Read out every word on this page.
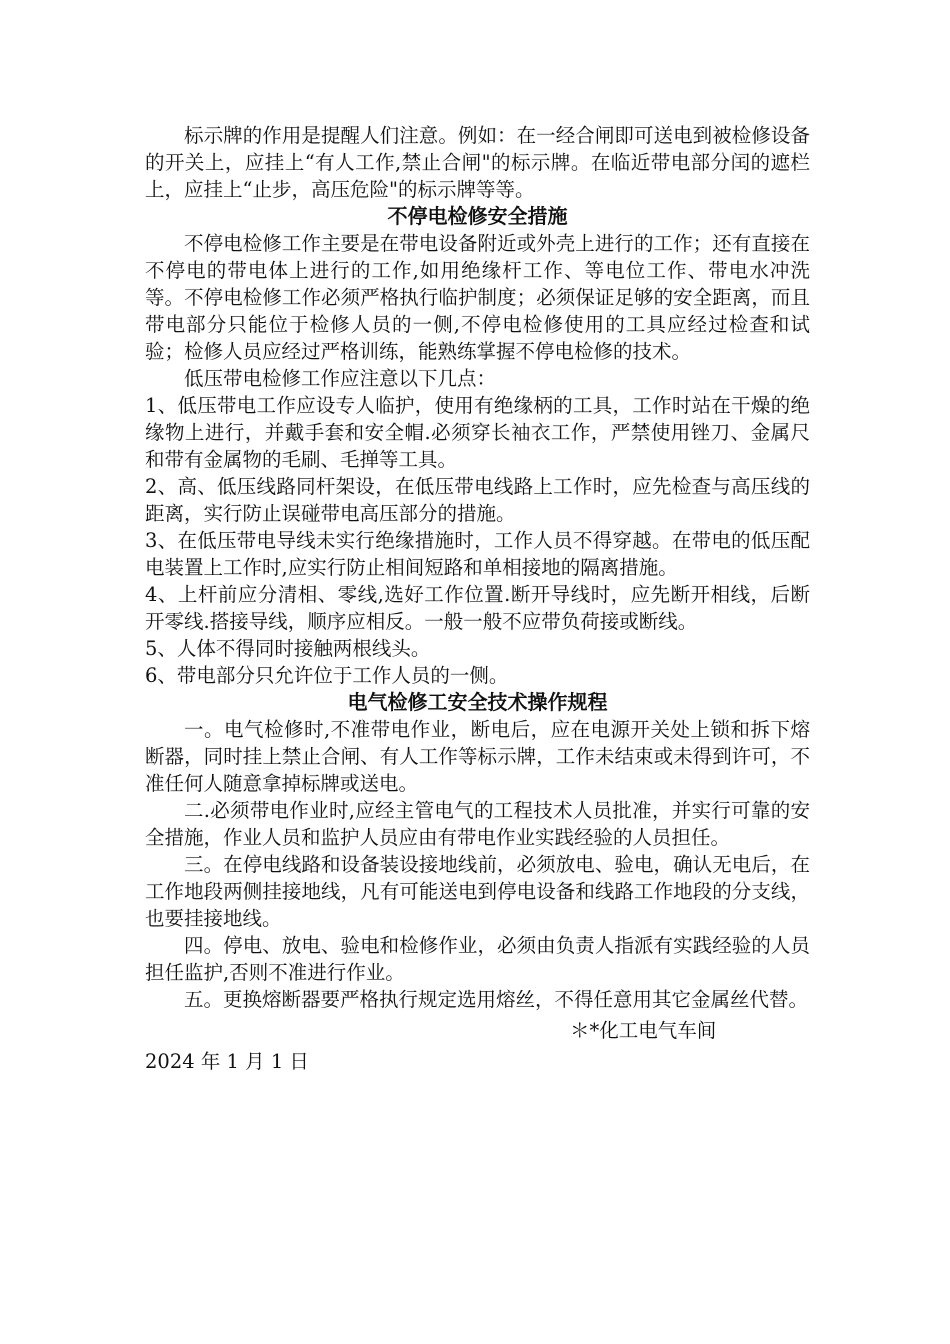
标示牌的作用是提醒人们注意。例如：在一经合闸即可送电到被检修设备的开关上，应挂上“有人工作,禁止合闸"的标示牌。在临近带电部分闰的遮栏上，应挂上“止步，高压危险"的标示牌等等。

不停电检修安全措施

不停电检修工作主要是在带电设备附近或外壳上进行的工作；还有直接在不停电的带电体上进行的工作,如用绝缘杆工作、等电位工作、带电水冲洗等。不停电检修工作必须严格执行临护制度；必须保证足够的安全距离，而且带电部分只能位于检修人员的一侧,不停电检修使用的工具应经过检查和试验；检修人员应经过严格训练，能熟练掌握不停电检修的技术。

低压带电检修工作应注意以下几点：

1、低压带电工作应设专人临护，使用有绝缘柄的工具，工作时站在干燥的绝缘物上进行，并戴手套和安全帽.必须穿长袖衣工作，严禁使用锉刀、金属尺和带有金属物的毛刷、毛掸等工具。

2、高、低压线路同杆架设，在低压带电线路上工作时，应先检查与高压线的距离，实行防止误碰带电高压部分的措施。

3、在低压带电导线未实行绝缘措施时，工作人员不得穿越。在带电的低压配电装置上工作时,应实行防止相间短路和单相接地的隔离措施。

4、上杆前应分清相、零线,选好工作位置.断开导线时，应先断开相线，后断开零线.搭接导线，顺序应相反。一般一般不应带负荷接或断线。

5、人体不得同时接触两根线头。

6、带电部分只允许位于工作人员的一侧。

电气检修工安全技术操作规程

一。电气检修时,不准带电作业，断电后，应在电源开关处上锁和拆下熔断器，同时挂上禁止合闸、有人工作等标示牌，工作未结束或未得到许可，不准任何人随意拿掉标牌或送电。

二.必须带电作业时,应经主管电气的工程技术人员批准，并实行可靠的安全措施，作业人员和监护人员应由有带电作业实践经验的人员担任。

三。在停电线路和设备装设接地线前，必须放电、验电，确认无电后，在工作地段两侧挂接地线，凡有可能送电到停电设备和线路工作地段的分支线，也要挂接地线。

四。停电、放电、验电和检修作业，必须由负责人指派有实践经验的人员担任监护,否则不准进行作业。

五。更换熔断器要严格执行规定选用熔丝，不得任意用其它金属丝代替。

＊*化工电气车间

2024 年 1 月 1 日
